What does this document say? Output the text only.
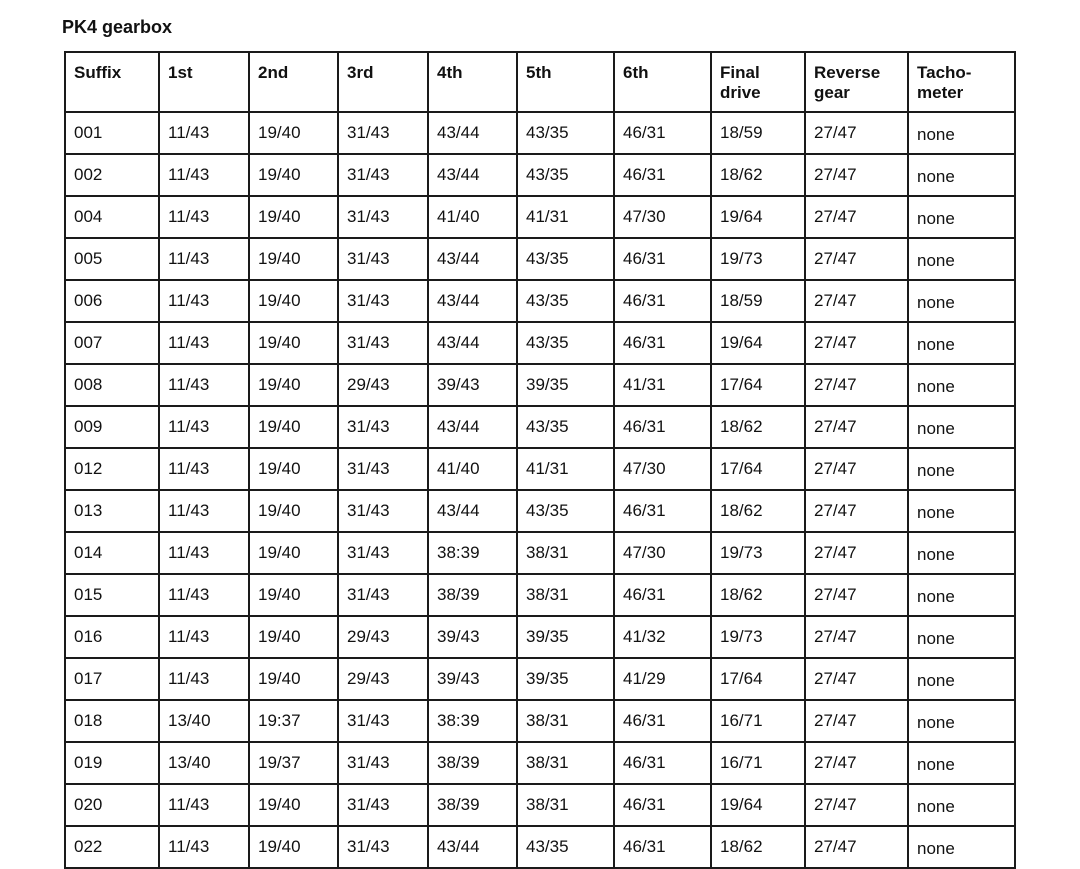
PK4 gearbox
Suffix	1st	2nd	3rd	4th	5th	6th	Final drive	Reverse gear	Tacho- meter
001	11/43	19/40	31/43	43/44	43/35	46/31	18/59	27/47	none
002	11/43	19/40	31/43	43/44	43/35	46/31	18/62	27/47	none
004	11/43	19/40	31/43	41/40	41/31	47/30	19/64	27/47	none
005	11/43	19/40	31/43	43/44	43/35	46/31	19/73	27/47	none
006	11/43	19/40	31/43	43/44	43/35	46/31	18/59	27/47	none
007	11/43	19/40	31/43	43/44	43/35	46/31	19/64	27/47	none
008	11/43	19/40	29/43	39/43	39/35	41/31	17/64	27/47	none
009	11/43	19/40	31/43	43/44	43/35	46/31	18/62	27/47	none
012	11/43	19/40	31/43	41/40	41/31	47/30	17/64	27/47	none
013	11/43	19/40	31/43	43/44	43/35	46/31	18/62	27/47	none
014	11/43	19/40	31/43	38:39	38/31	47/30	19/73	27/47	none
015	11/43	19/40	31/43	38/39	38/31	46/31	18/62	27/47	none
016	11/43	19/40	29/43	39/43	39/35	41/32	19/73	27/47	none
017	11/43	19/40	29/43	39/43	39/35	41/29	17/64	27/47	none
018	13/40	19:37	31/43	38:39	38/31	46/31	16/71	27/47	none
019	13/40	19/37	31/43	38/39	38/31	46/31	16/71	27/47	none
020	11/43	19/40	31/43	38/39	38/31	46/31	19/64	27/47	none
022	11/43	19/40	31/43	43/44	43/35	46/31	18/62	27/47	none
